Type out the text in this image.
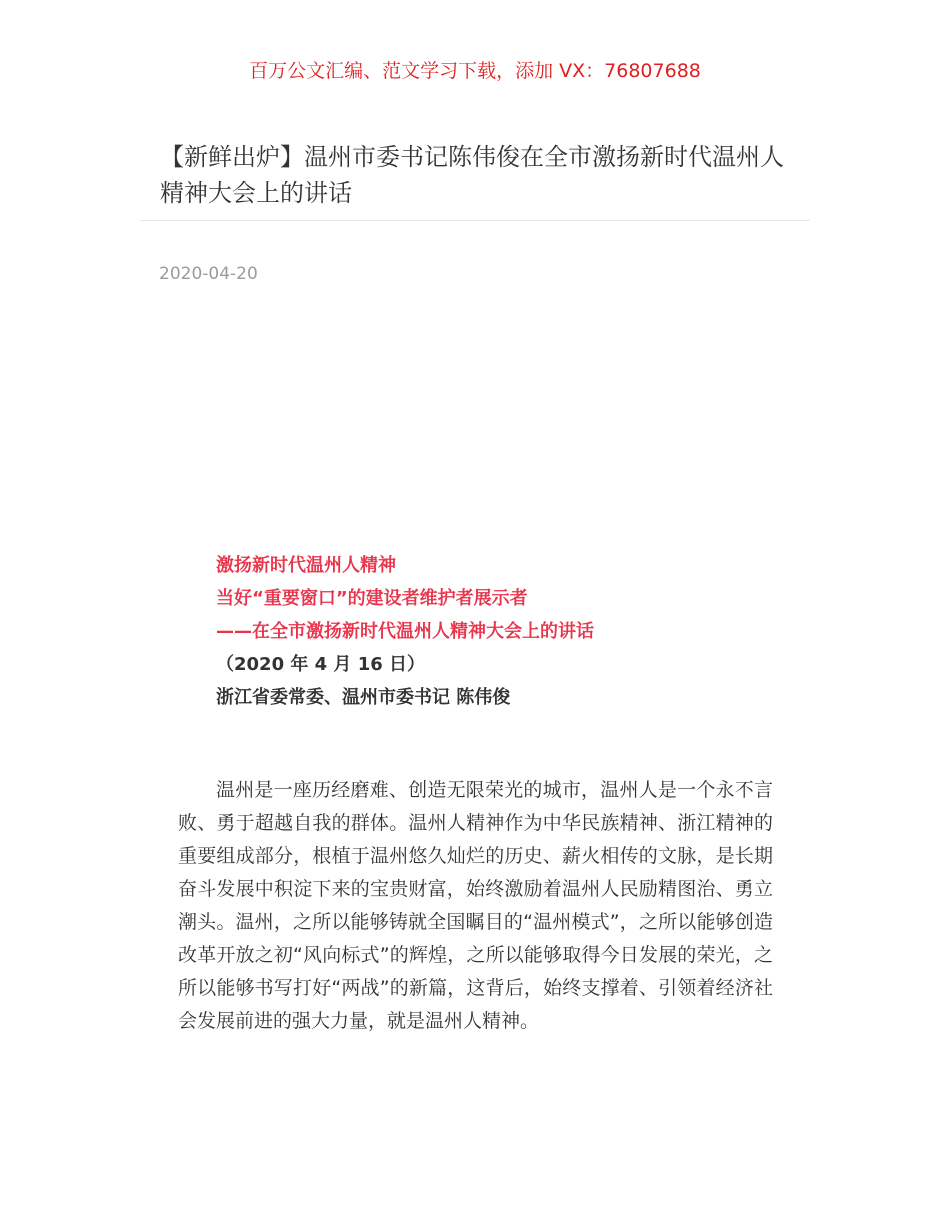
百万公文汇编、范文学习下载，添加 VX：76807688
【新鲜出炉】温州市委书记陈伟俊在全市激扬新时代温州人精神大会上的讲话
2020-04-20
激扬新时代温州人精神
当好“重要窗口”的建设者维护者展示者
——在全市激扬新时代温州人精神大会上的讲话
（2020 年 4 月 16 日）
浙江省委常委、温州市委书记 陈伟俊

温州是一座历经磨难、创造无限荣光的城市，温州人是一个永不言败、勇于超越自我的群体。温州人精神作为中华民族精神、浙江精神的重要组成部分，根植于温州悠久灿烂的历史、薪火相传的文脉，是长期奋斗发展中积淀下来的宝贵财富，始终激励着温州人民励精图治、勇立潮头。温州，之所以能够铸就全国瞩目的“温州模式”，之所以能够创造改革开放之初“风向标式”的辉煌，之所以能够取得今日发展的荣光，之所以能够书写打好“两战”的新篇，这背后，始终支撑着、引领着经济社会发展前进的强大力量，就是温州人精神。
